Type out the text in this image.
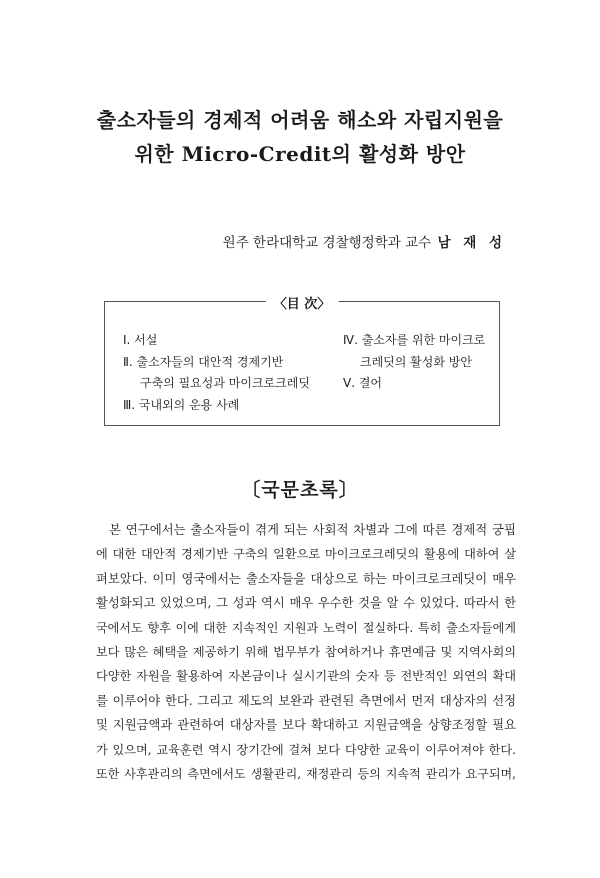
출소자들의 경제적 어려움 해소와 자립지원을
위한 Micro-Credit의 활성화 방안
원주 한라대학교 경찰행정학과 교수 남 재 성
〈目 次〉
Ⅰ. 서설
Ⅱ. 출소자들의 대안적 경제기반
구축의 필요성과 마이크로크레딧
Ⅲ. 국내외의 운용 사례
Ⅳ. 출소자를 위한 마이크로
크레딧의 활성화 방안
Ⅴ. 결어
〔국문초록〕
본 연구에서는 출소자들이 겪게 되는 사회적 차별과 그에 따른 경제적 궁핍
에 대한 대안적 경제기반 구축의 일환으로 마이크로크레딧의 활용에 대하여 살
펴보았다. 이미 영국에서는 출소자들을 대상으로 하는 마이크로크레딧이 매우
활성화되고 있었으며, 그 성과 역시 매우 우수한 것을 알 수 있었다. 따라서 한
국에서도 향후 이에 대한 지속적인 지원과 노력이 절실하다. 특히 출소자들에게
보다 많은 혜택을 제공하기 위해 법무부가 참여하거나 휴면예금 및 지역사회의
다양한 자원을 활용하여 자본금이나 실시기관의 숫자 등 전반적인 외연의 확대
를 이루어야 한다. 그리고 제도의 보완과 관련된 측면에서 먼저 대상자의 선정
및 지원금액과 관련하여 대상자를 보다 확대하고 지원금액을 상향조정할 필요
가 있으며, 교육훈련 역시 장기간에 걸쳐 보다 다양한 교육이 이루어져야 한다.
또한 사후관리의 측면에서도 생활관리, 재정관리 등의 지속적 관리가 요구되며,
